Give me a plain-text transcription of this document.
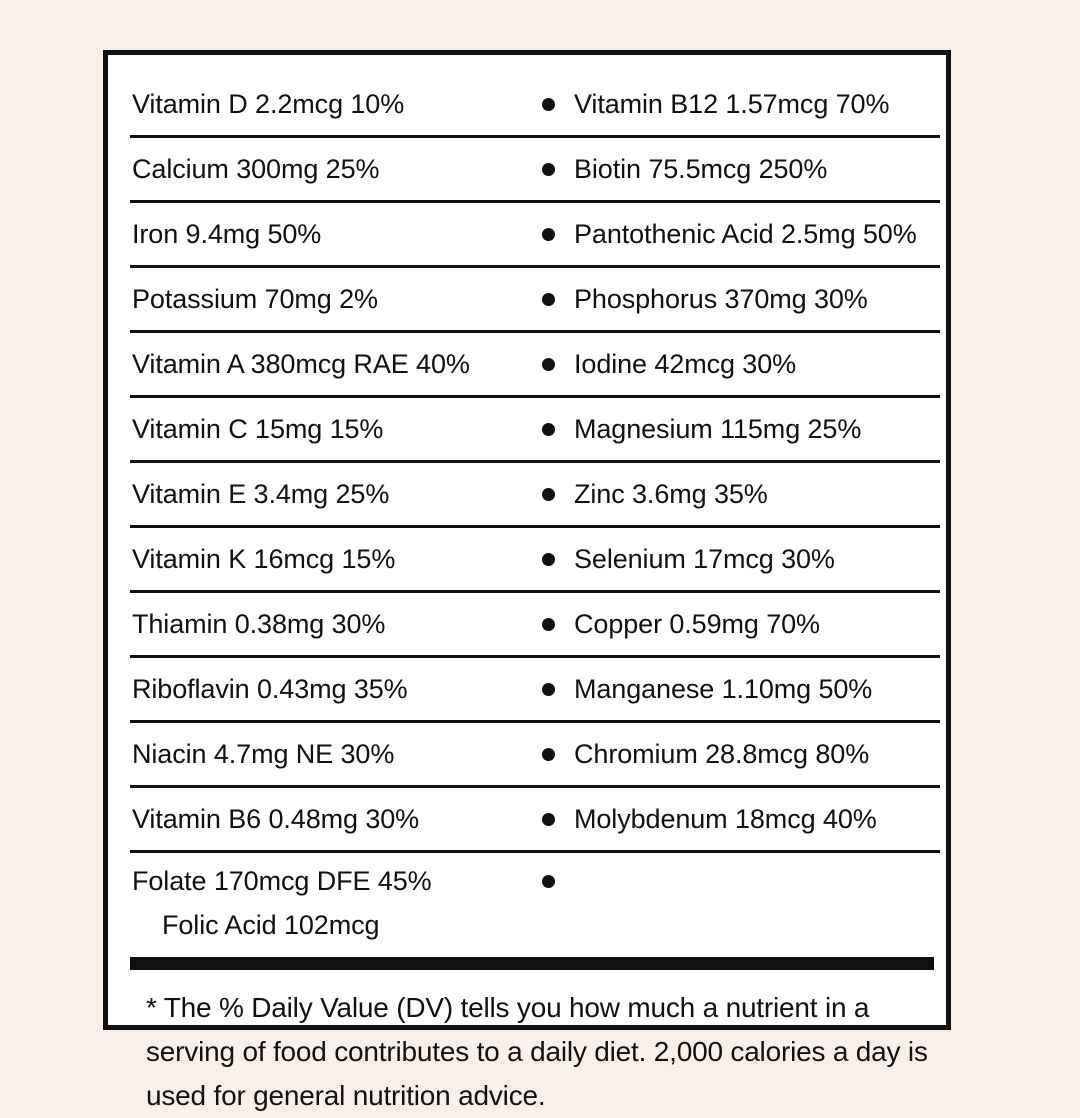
Vitamin D 2.2mcg 10%		Vitamin B12 1.57mcg 70%
Calcium 300mg 25%		Biotin 75.5mcg 250%
Iron 9.4mg 50%		Pantothenic Acid 2.5mg 50%
Potassium 70mg 2%		Phosphorus 370mg 30%
Vitamin A 380mcg RAE 40%		Iodine 42mcg 30%
Vitamin C 15mg 15%		Magnesium 115mg 25%
Vitamin E 3.4mg 25%		Zinc 3.6mg 35%
Vitamin K 16mcg 15%		Selenium 17mcg 30%
Thiamin 0.38mg 30%		Copper 0.59mg 70%
Riboflavin 0.43mg 35%		Manganese 1.10mg 50%
Niacin 4.7mg NE 30%		Chromium 28.8mcg 80%
Vitamin B6 0.48mg 30%		Molybdenum 18mcg 40%

Folate 170mcg DFE 45%
Folic Acid 102mcg		

* The % Daily Value (DV) tells you how much a nutrient in a serving of food contributes to a daily diet. 2,000 calories a day is used for general nutrition advice.
